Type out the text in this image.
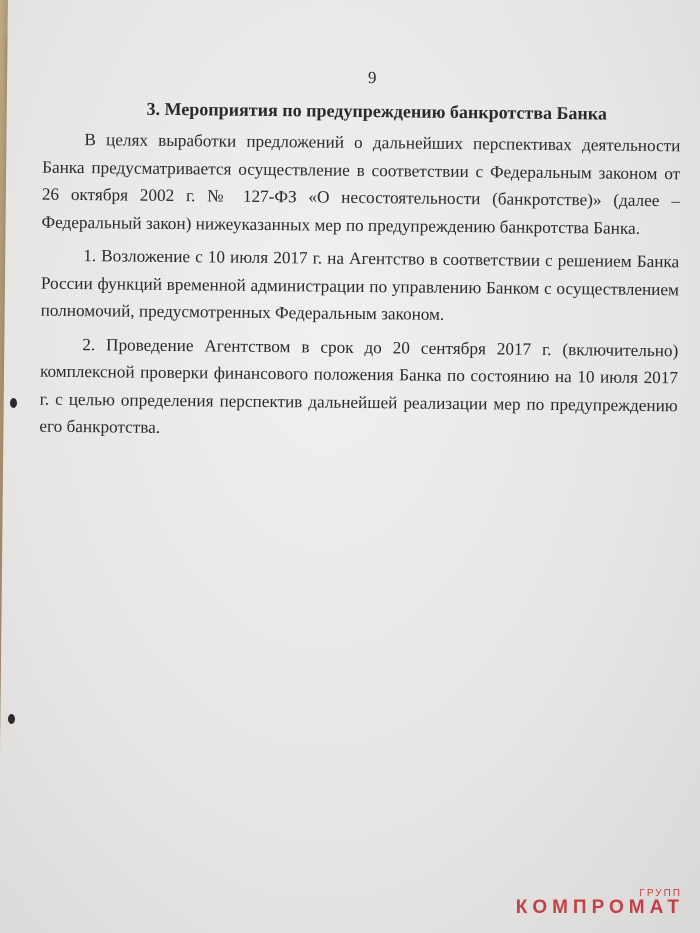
9
3. Мероприятия по предупреждению банкротства Банка

В целях выработки предложений о дальнейших перспективах деятельности Банка предусматривается осуществление в соответствии с Федеральным законом от 26 октября 2002 г. № 127-ФЗ «О несостоятельности (банкротстве)» (далее – Федеральный закон) нижеуказанных мер по предупреждению банкротства Банка.

1. Возложение с 10 июля 2017 г. на Агентство в соответствии с решением Банка России функций временной администрации по управлению Банком с осуществлением полномочий, предусмотренных Федеральным законом.

2. Проведение Агентством в срок до 20 сентября 2017 г. (включительно) комплексной проверки финансового положения Банка по состоянию на 10 июля 2017 г. с целью определения перспектив дальнейшей реализации мер по предупреждению его банкротства.

ГРУПП
КОМПРОМАТ
